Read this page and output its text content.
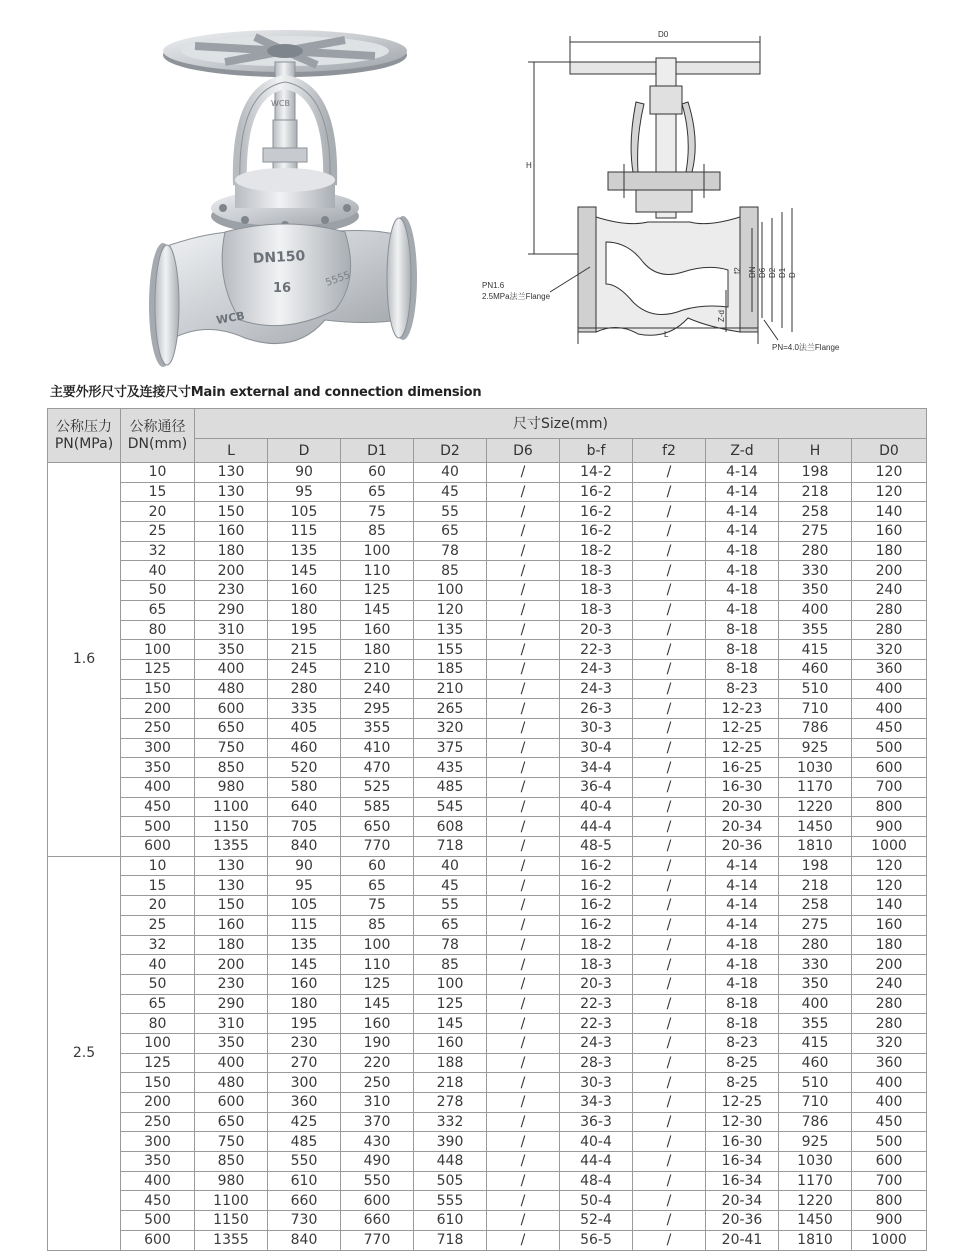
WCB
DN150
16
WCB
5555
D0
H
PN1.6
2.5MPa法兰Flange
PN=4.0法兰Flange
L
Z-d
f2 DN D6 D2 D1 D
主要外形尺寸及连接尺寸Main external and connection dimension
公称压力PN(MPa)	公称通径DN(mm)	尺寸Size(mm)									
		L	D	D1	D2	D6	b-f	f2	Z-d	H	D0
1.6	10	130	90	60	40	/	14-2	/	4-14	198	120
	15	130	95	65	45	/	16-2	/	4-14	218	120
	20	150	105	75	55	/	16-2	/	4-14	258	140
	25	160	115	85	65	/	16-2	/	4-14	275	160
	32	180	135	100	78	/	18-2	/	4-18	280	180
	40	200	145	110	85	/	18-3	/	4-18	330	200
	50	230	160	125	100	/	18-3	/	4-18	350	240
	65	290	180	145	120	/	18-3	/	4-18	400	280
	80	310	195	160	135	/	20-3	/	8-18	355	280
	100	350	215	180	155	/	22-3	/	8-18	415	320
	125	400	245	210	185	/	24-3	/	8-18	460	360
	150	480	280	240	210	/	24-3	/	8-23	510	400
	200	600	335	295	265	/	26-3	/	12-23	710	400
	250	650	405	355	320	/	30-3	/	12-25	786	450
	300	750	460	410	375	/	30-4	/	12-25	925	500
	350	850	520	470	435	/	34-4	/	16-25	1030	600
	400	980	580	525	485	/	36-4	/	16-30	1170	700
	450	1100	640	585	545	/	40-4	/	20-30	1220	800
	500	1150	705	650	608	/	44-4	/	20-34	1450	900
	600	1355	840	770	718	/	48-5	/	20-36	1810	1000
2.5	10	130	90	60	40	/	16-2	/	4-14	198	120
	15	130	95	65	45	/	16-2	/	4-14	218	120
	20	150	105	75	55	/	16-2	/	4-14	258	140
	25	160	115	85	65	/	16-2	/	4-14	275	160
	32	180	135	100	78	/	18-2	/	4-18	280	180
	40	200	145	110	85	/	18-3	/	4-18	330	200
	50	230	160	125	100	/	20-3	/	4-18	350	240
	65	290	180	145	125	/	22-3	/	8-18	400	280
	80	310	195	160	145	/	22-3	/	8-18	355	280
	100	350	230	190	160	/	24-3	/	8-23	415	320
	125	400	270	220	188	/	28-3	/	8-25	460	360
	150	480	300	250	218	/	30-3	/	8-25	510	400
	200	600	360	310	278	/	34-3	/	12-25	710	400
	250	650	425	370	332	/	36-3	/	12-30	786	450
	300	750	485	430	390	/	40-4	/	16-30	925	500
	350	850	550	490	448	/	44-4	/	16-34	1030	600
	400	980	610	550	505	/	48-4	/	16-34	1170	700
	450	1100	660	600	555	/	50-4	/	20-34	1220	800
	500	1150	730	660	610	/	52-4	/	20-36	1450	900
	600	1355	840	770	718	/	56-5	/	20-41	1810	1000
